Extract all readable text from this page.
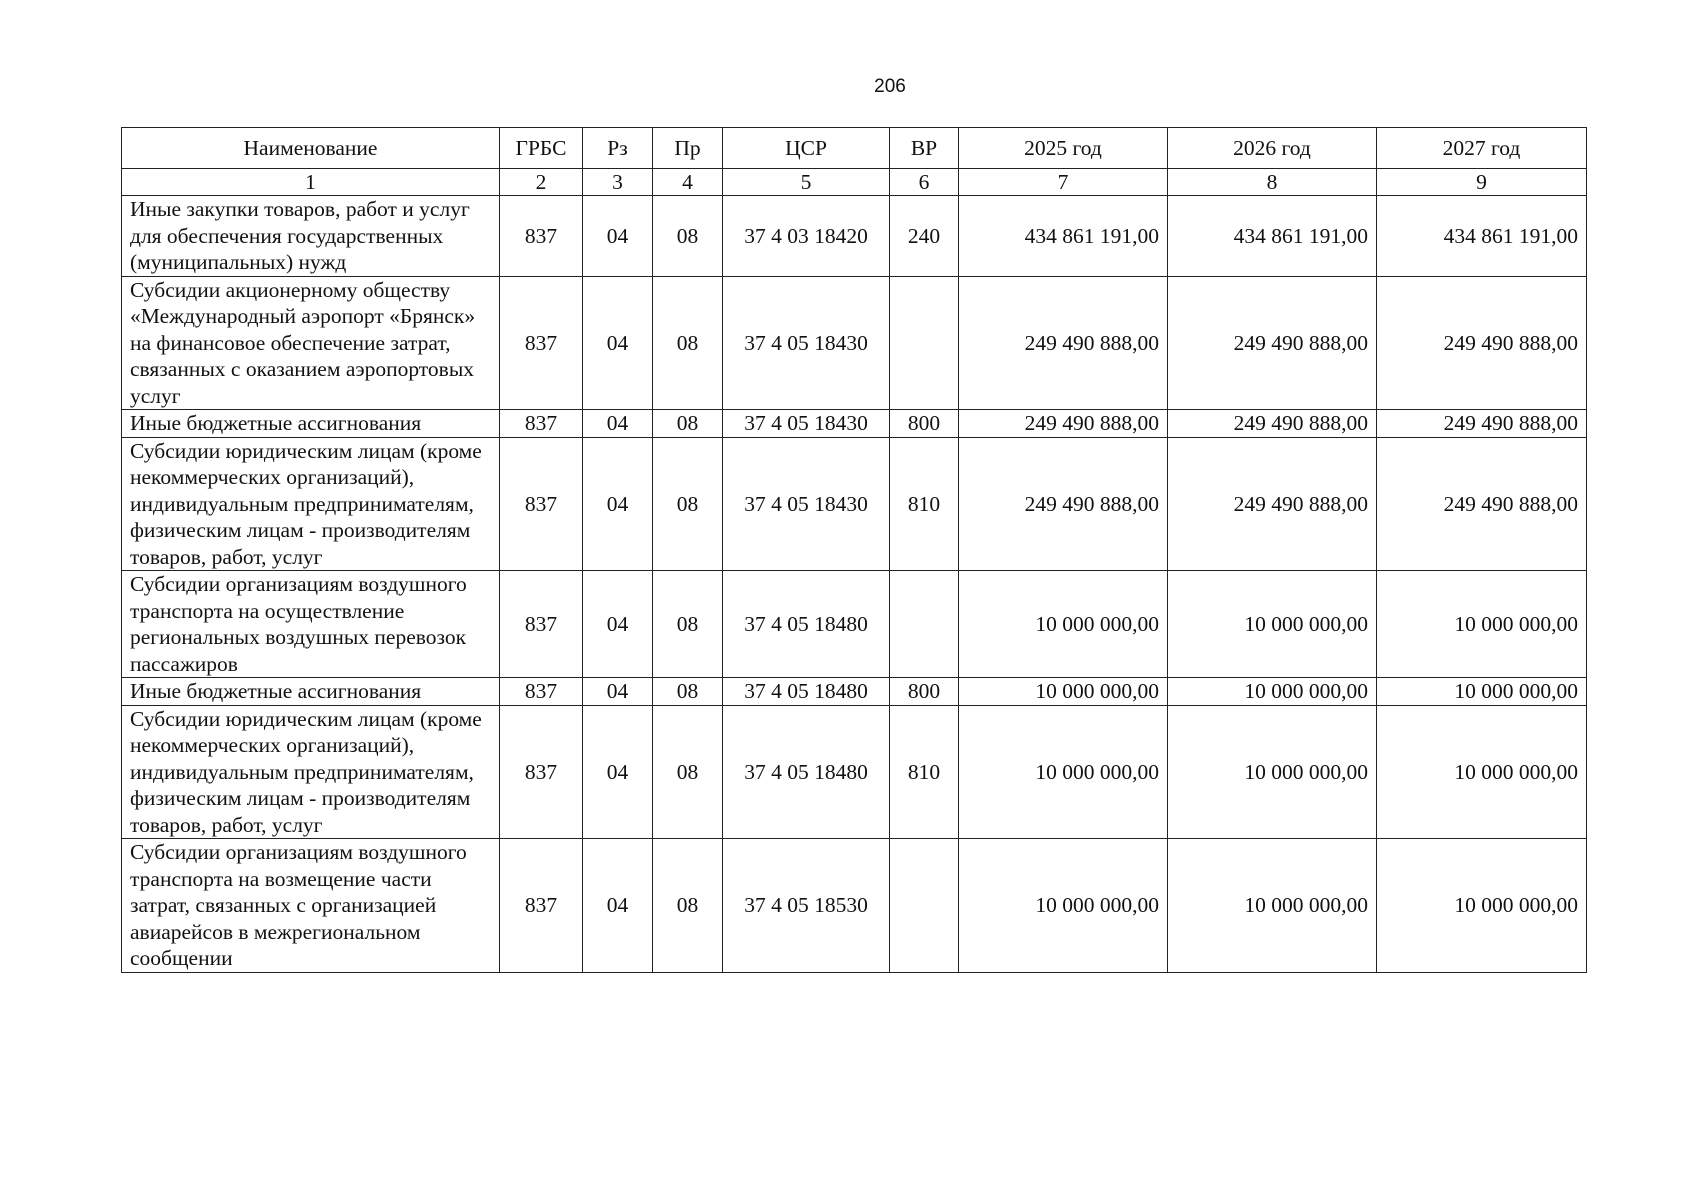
206
Наименование	ГРБС	Рз	Пр	ЦСР	ВР	2025 год	2026 год	2027 год
1	2	3	4	5	6	7	8	9
Иные закупки товаров, работ и услуг для обеспечения государственных (муниципальных) нужд	837	04	08	37 4 03 18420	240	434 861 191,00	434 861 191,00	434 861 191,00
Субсидии акционерному обществу «Международный аэропорт «Брянск» на финансовое обеспечение затрат, связанных с оказанием аэропортовых услуг	837	04	08	37 4 05 18430		249 490 888,00	249 490 888,00	249 490 888,00
Иные бюджетные ассигнования	837	04	08	37 4 05 18430	800	249 490 888,00	249 490 888,00	249 490 888,00
Субсидии юридическим лицам (кроме некоммерческих организаций), индивидуальным предпринимателям, физическим лицам - производителям товаров, работ, услуг	837	04	08	37 4 05 18430	810	249 490 888,00	249 490 888,00	249 490 888,00
Субсидии организациям воздушного транспорта на осуществление региональных воздушных перевозок пассажиров	837	04	08	37 4 05 18480		10 000 000,00	10 000 000,00	10 000 000,00
Иные бюджетные ассигнования	837	04	08	37 4 05 18480	800	10 000 000,00	10 000 000,00	10 000 000,00
Субсидии юридическим лицам (кроме некоммерческих организаций), индивидуальным предпринимателям, физическим лицам - производителям товаров, работ, услуг	837	04	08	37 4 05 18480	810	10 000 000,00	10 000 000,00	10 000 000,00
Субсидии организациям воздушного транспорта на возмещение части затрат, связанных с организацией авиарейсов в межрегиональном сообщении	837	04	08	37 4 05 18530		10 000 000,00	10 000 000,00	10 000 000,00
